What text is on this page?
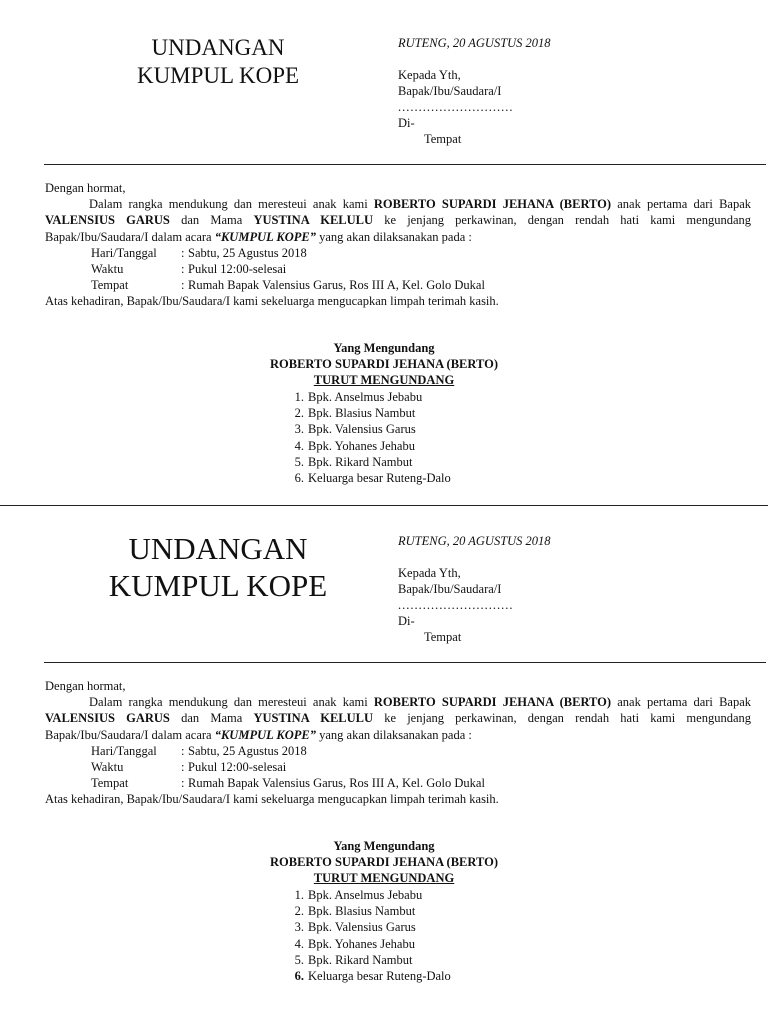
UNDANGAN
KUMPUL KOPE
RUTENG, 20 AGUSTUS 2018
Kepada Yth,
Bapak/Ibu/Saudara/I
............................
Di-
Tempat
Dengan hormat,
Dalam rangka mendukung dan meresteui anak kami ROBERTO SUPARDI JEHANA (BERTO) anak pertama dari Bapak VALENSIUS GARUS dan Mama YUSTINA KELULU ke jenjang perkawinan, dengan rendah hati kami mengundang Bapak/Ibu/Saudara/I dalam acara “KUMPUL KOPE” yang akan dilaksanakan pada :
Hari/Tanggal	: Sabtu, 25 Agustus 2018
Waktu	: Pukul 12:00-selesai
Tempat	: Rumah Bapak Valensius Garus, Ros III A, Kel. Golo Dukal
Atas kehadiran, Bapak/Ibu/Saudara/I kami sekeluarga mengucapkan limpah terimah kasih.
Yang Mengundang
ROBERTO SUPARDI JEHANA (BERTO)
TURUT MENGUNDANG
1. Bpk. Anselmus Jebabu
2. Bpk. Blasius Nambut
3. Bpk. Valensius Garus
4. Bpk. Yohanes Jehabu
5. Bpk. Rikard Nambut
6. Keluarga besar Ruteng-Dalo
UNDANGAN
KUMPUL KOPE
RUTENG, 20 AGUSTUS 2018
Kepada Yth,
Bapak/Ibu/Saudara/I
............................
Di-
Tempat
Dengan hormat,
Dalam rangka mendukung dan meresteui anak kami ROBERTO SUPARDI JEHANA (BERTO) anak pertama dari Bapak VALENSIUS GARUS dan Mama YUSTINA KELULU ke jenjang perkawinan, dengan rendah hati kami mengundang Bapak/Ibu/Saudara/I dalam acara “KUMPUL KOPE” yang akan dilaksanakan pada :
Hari/Tanggal	: Sabtu, 25 Agustus 2018
Waktu	: Pukul 12:00-selesai
Tempat	: Rumah Bapak Valensius Garus, Ros III A, Kel. Golo Dukal
Atas kehadiran, Bapak/Ibu/Saudara/I kami sekeluarga mengucapkan limpah terimah kasih.
Yang Mengundang
ROBERTO SUPARDI JEHANA (BERTO)
TURUT MENGUNDANG
1. Bpk. Anselmus Jebabu
2. Bpk. Blasius Nambut
3. Bpk. Valensius Garus
4. Bpk. Yohanes Jehabu
5. Bpk. Rikard Nambut
6. Keluarga besar Ruteng-Dalo
